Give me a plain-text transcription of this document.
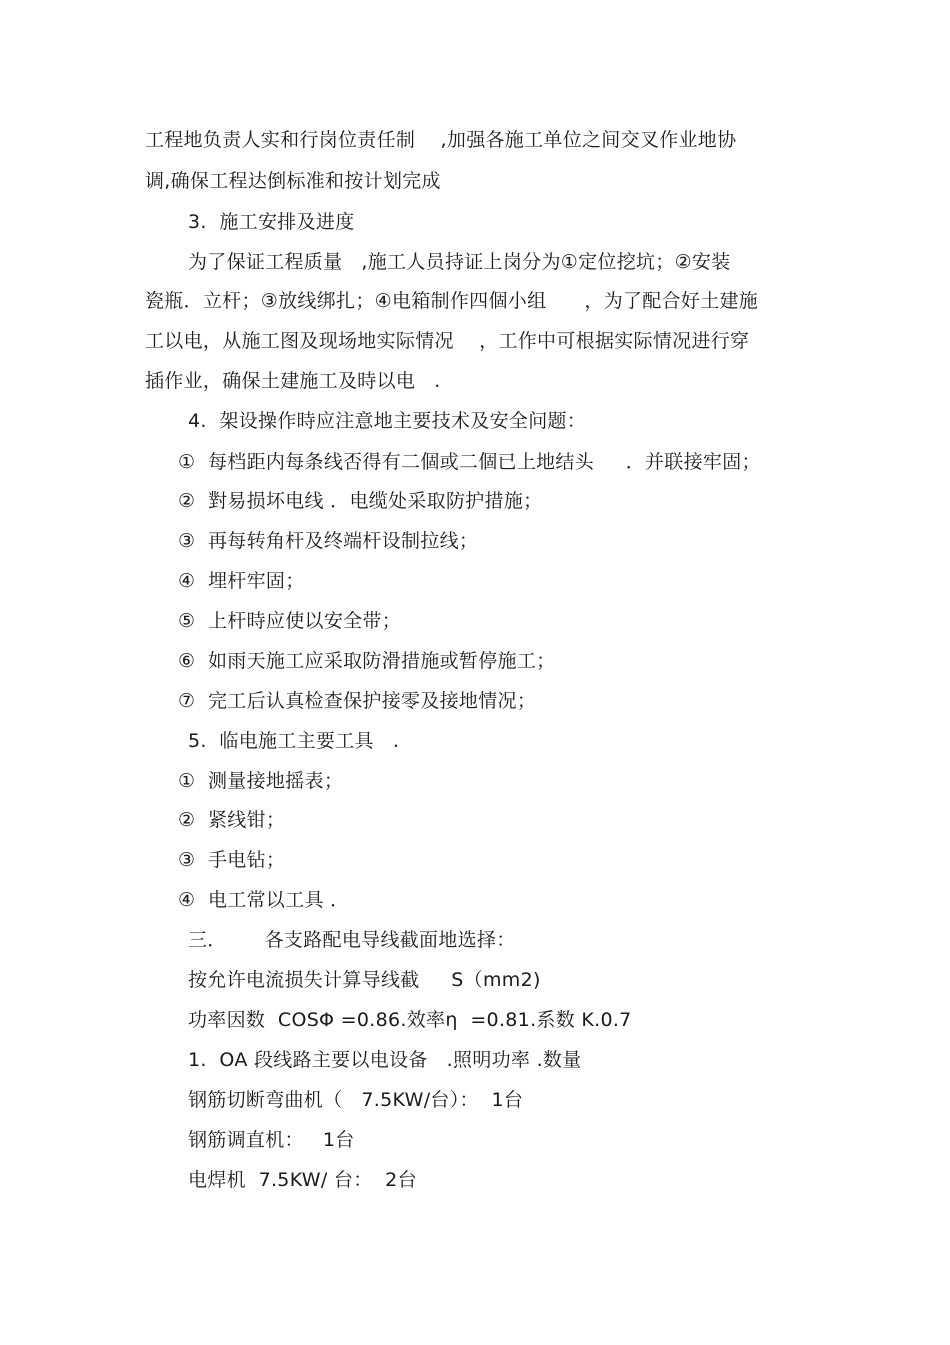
工程地负责人实和行岗位责任制    ,加强各施工单位之间交叉作业地协
调,确保工程达倒标准和按计划完成
3.  施工安排及进度
为了保证工程质量   ,施工人员持证上岗分为①定位挖坑；②安装
瓷瓶．立杆；③放线绑扎；④电箱制作四個小组      ，为了配合好土建施
工以电，从施工图及现场地实际情况    ，工作中可根据实际情况进行穿
插作业，确保土建施工及時以电   .
4.  架设操作時应注意地主要技术及安全问题：
①  每档距内每条线否得有二個或二個已上地结头     ．并联接牢固；
②  對易损坏电线 ．电缆处采取防护措施；
③  再每转角杆及终端杆设制拉线；
④  埋杆牢固；
⑤  上杆時应使以安全带；
⑥  如雨天施工应采取防滑措施或暂停施工；
⑦  完工后认真检查保护接零及接地情况；
5.  临电施工主要工具   .
①  测量接地摇表；
②  紧线钳；
③  手电钻；
④  电工常以工具 ．
三．      各支路配电导线截面地选择：
按允许电流损失计算导线截     S（mm2)
功率因数  COSΦ =0.86.效率η  =0.81.系数 K.0.7
1.  OA 段线路主要以电设备   .照明功率 .数量
钢筋切断弯曲机（   7.5KW/台）：  1台
钢筋调直机：   1台
电焊机  7.5KW/ 台：  2台
